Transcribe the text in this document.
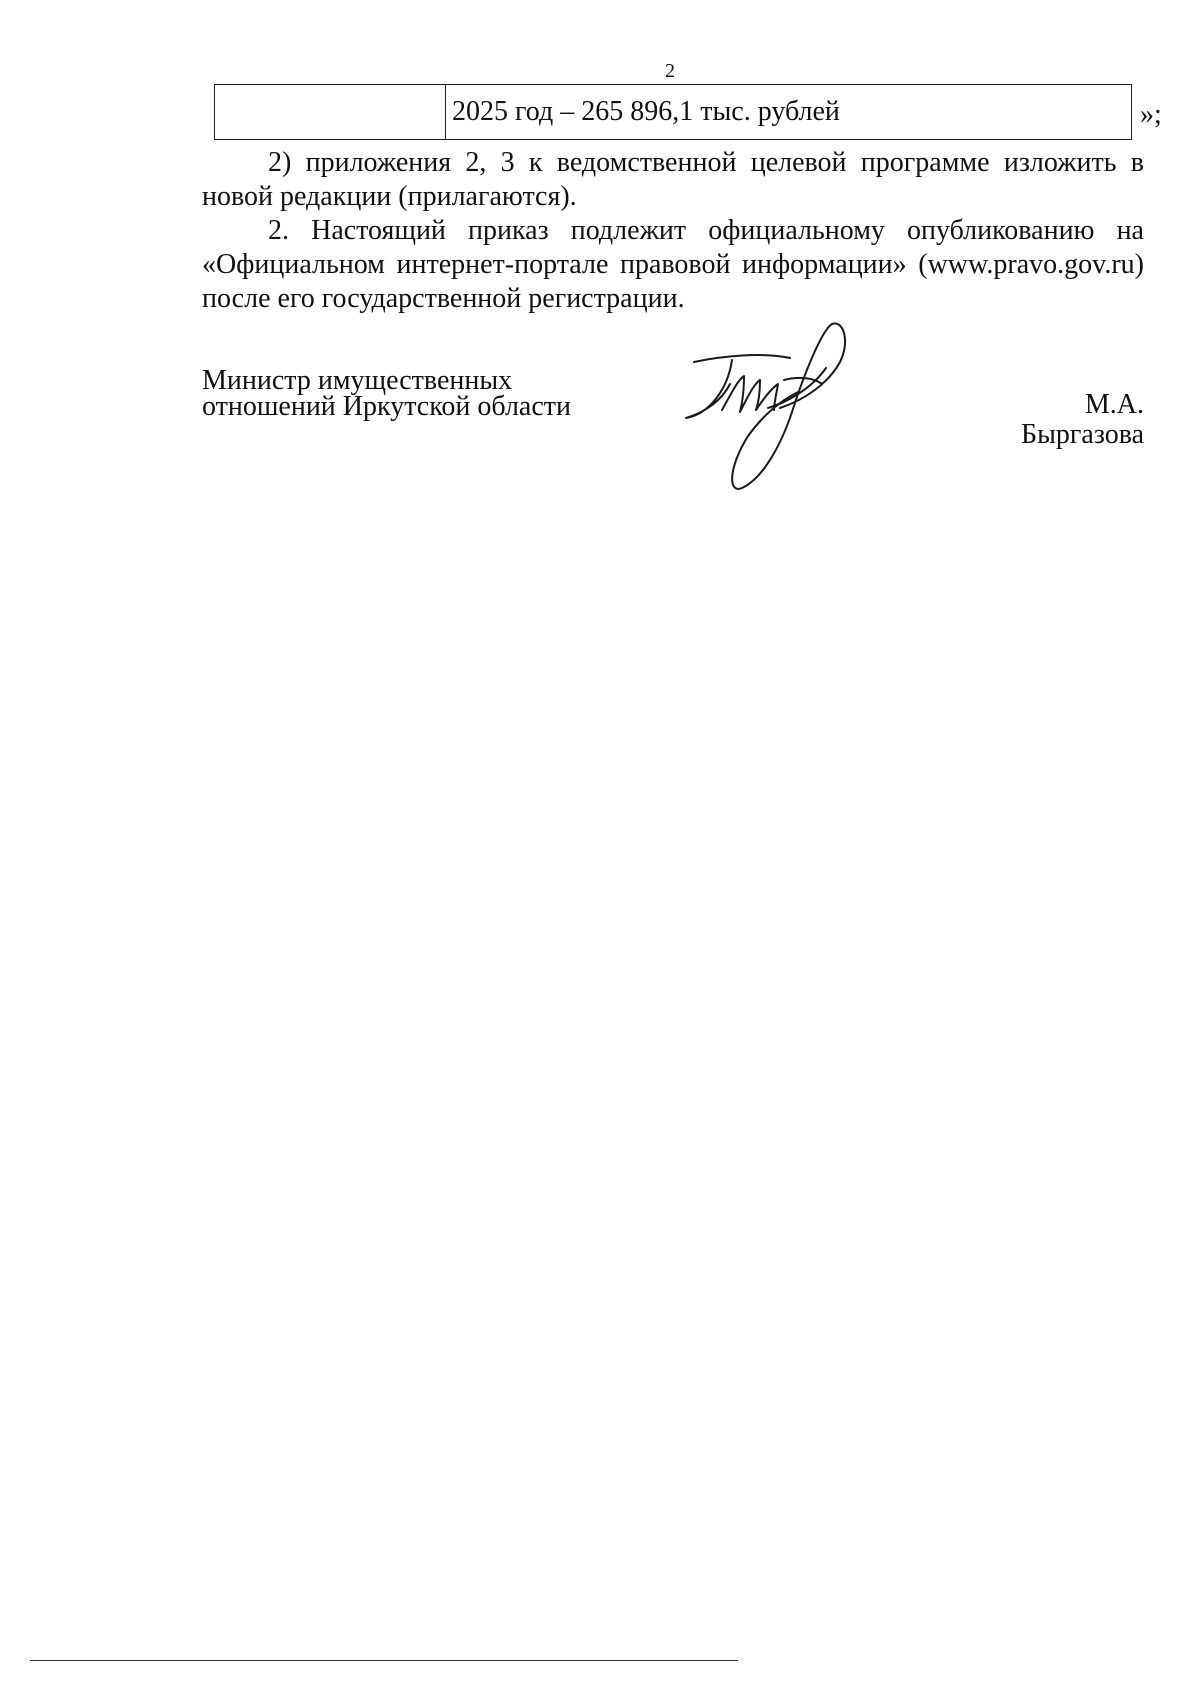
2
	2025 год – 265 896,1 тыс. рублей	»;

2) приложения 2, 3 к ведомственной целевой программе изложить в новой редакции (прилагаются).

2. Настоящий приказ подлежит официальному опубликованию на «Официальном интернет-портале правовой информации» (www.pravo.gov.ru) после его государственной регистрации.

Министр имущественных
отношений Иркутской области	М.А. Быргазова
